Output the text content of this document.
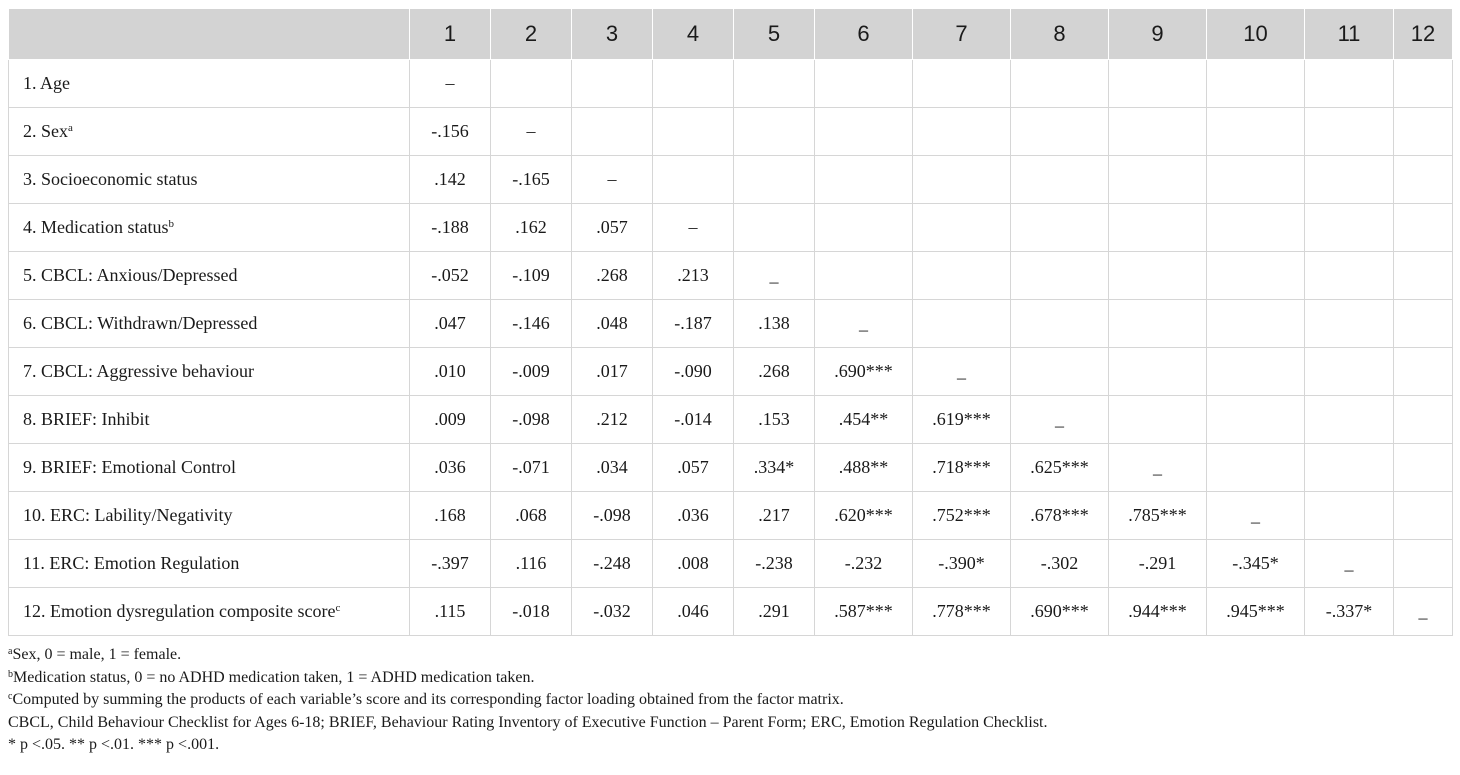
	1	2	3	4	5	6	7	8	9	10	11	12
1. Age	–											
2. Sex$^a$	-.156	–										
3. Socioeconomic status	.142	-.165	–									
4. Medication status$^b$	-.188	.162	.057	–								
5. CBCL: Anxious/Depressed	-.052	-.109	.268	.213	_							
6. CBCL: Withdrawn/Depressed	.047	-.146	.048	-.187	.138	_						
7. CBCL: Aggressive behaviour	.010	-.009	.017	-.090	.268	.690***	_					
8. BRIEF: Inhibit	.009	-.098	.212	-.014	.153	.454**	.619***	_				
9. BRIEF: Emotional Control	.036	-.071	.034	.057	.334*	.488**	.718***	.625***	_			
10. ERC: Lability/Negativity	.168	.068	-.098	.036	.217	.620***	.752***	.678***	.785***	_		
11. ERC: Emotion Regulation	-.397	.116	-.248	.008	-.238	-.232	-.390*	-.302	-.291	-.345*	_	
12. Emotion dysregulation composite score$^c$	.115	-.018	-.032	.046	.291	.587***	.778***	.690***	.944***	.945***	-.337*	_
$^a$Sex, 0 = male, 1 = female.
$^b$Medication status, 0 = no ADHD medication taken, 1 = ADHD medication taken.
$^c$Computed by summing the products of each variable’s score and its corresponding factor loading obtained from the factor matrix.
CBCL, Child Behaviour Checklist for Ages 6-18; BRIEF, Behaviour Rating Inventory of Executive Function – Parent Form; ERC, Emotion Regulation Checklist.
* p <.05. ** p <.01. *** p <.001.
